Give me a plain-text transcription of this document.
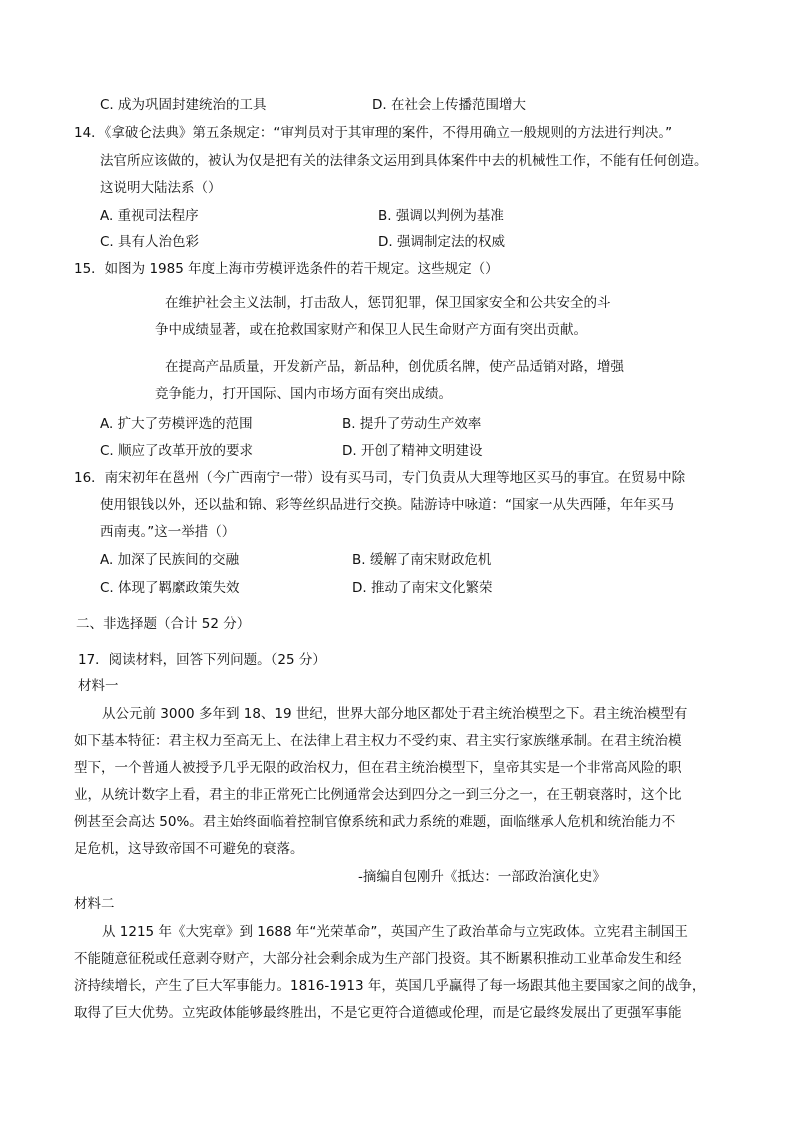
C. 成为巩固封建统治的工具	D. 在社会上传播范围增大
14．《拿破仑法典》第五条规定：“审判员对于其审理的案件，不得用确立一般规则的方法进行判决。”
法官所应该做的，被认为仅是把有关的法律条文运用到具体案件中去的机械性工作，不能有任何创造。
这说明大陆法系（）
A. 重视司法程序	B. 强调以判例为基准
C. 具有人治色彩	D. 强调制定法的权威
15．如图为 1985 年度上海市劳模评选条件的若干规定。这些规定（）
在维护社会主义法制，打击敌人，惩罚犯罪，保卫国家安全和公共安全的斗
争中成绩显著，或在抢救国家财产和保卫人民生命财产方面有突出贡献。
在提高产品质量，开发新产品，新品种，创优质名牌，使产品适销对路，增强
竞争能力，打开国际、国内市场方面有突出成绩。
A. 扩大了劳模评选的范围	B. 提升了劳动生产效率
C. 顺应了改革开放的要求	D. 开创了精神文明建设
16．南宋初年在邕州（今广西南宁一带）设有买马司，专门负责从大理等地区买马的事宜。在贸易中除
使用银钱以外，还以盐和锦、彩等丝织品进行交换。陆游诗中咏道：“国家一从失西陲，年年买马
西南夷。”这一举措（）
A. 加深了民族间的交融	B. 缓解了南宋财政危机
C. 体现了羁縻政策失效	D. 推动了南宋文化繁荣
二、非选择题（合计 52 分）
17．阅读材料，回答下列问题。（25 分）
材料一
从公元前 3000 多年到 18、19 世纪，世界大部分地区都处于君主统治模型之下。君主统治模型有
如下基本特征：君主权力至高无上、在法律上君主权力不受约束、君主实行家族继承制。在君主统治模
型下，一个普通人被授予几乎无限的政治权力，但在君主统治模型下，皇帝其实是一个非常高风险的职
业，从统计数字上看，君主的非正常死亡比例通常会达到四分之一到三分之一，在王朝衰落时，这个比
例甚至会高达 50%。君主始终面临着控制官僚系统和武力系统的难题，面临继承人危机和统治能力不
足危机，这导致帝国不可避免的衰落。
-摘编自包刚升《抵达：一部政治演化史》
材料二
从 1215 年《大宪章》到 1688 年“光荣革命”，英国产生了政治革命与立宪政体。立宪君主制国王
不能随意征税或任意剥夺财产，大部分社会剩余成为生产部门投资。其不断累积推动工业革命发生和经
济持续增长，产生了巨大军事能力。1816-1913 年，英国几乎赢得了每一场跟其他主要国家之间的战争，
取得了巨大优势。立宪政体能够最终胜出，不是它更符合道德或伦理，而是它最终发展出了更强军事能
